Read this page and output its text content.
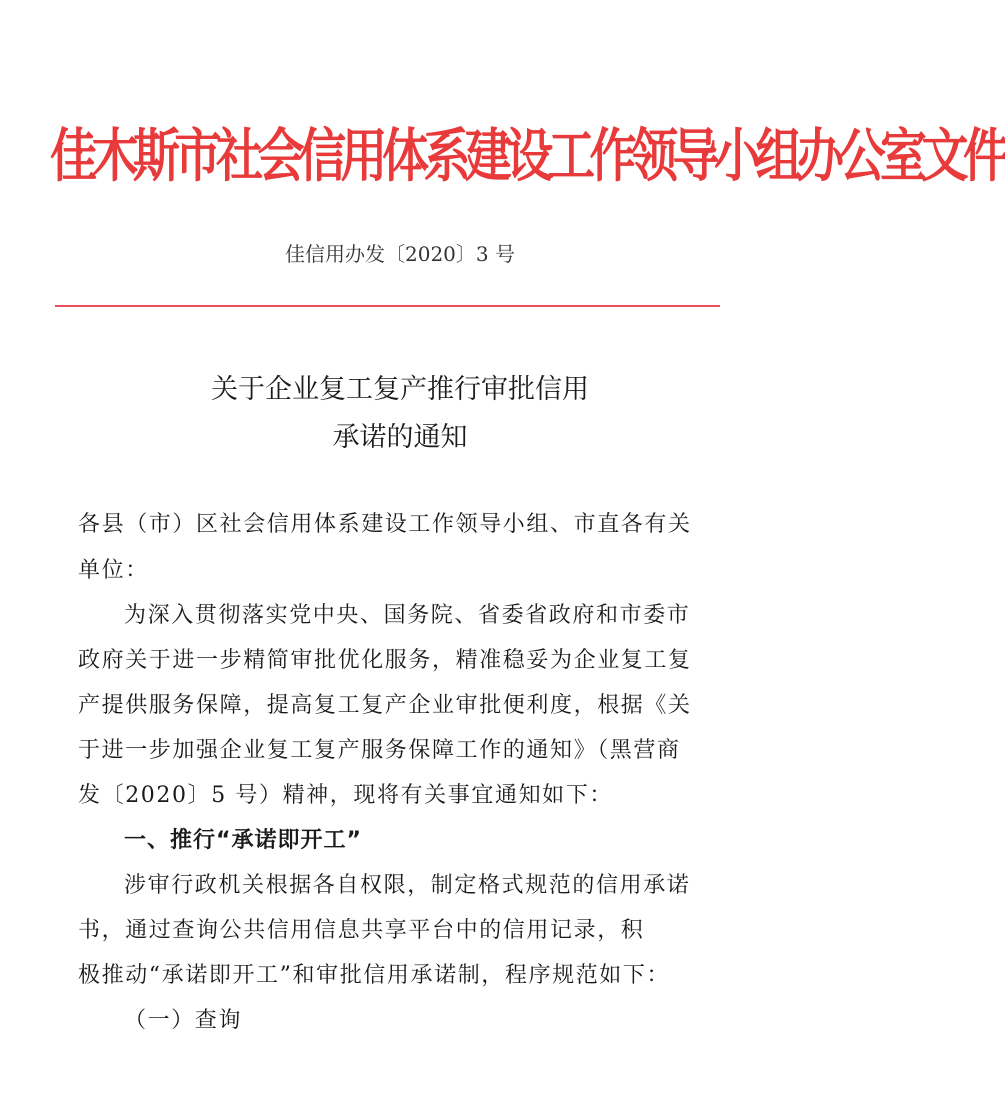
佳木斯市社会信用体系建设工作领导小组办公室文件
佳信用办发〔2020〕3 号
关于企业复工复产推行审批信用
承诺的通知
各县（市）区社会信用体系建设工作领导小组、市直各有关
单位：
为深入贯彻落实党中央、国务院、省委省政府和市委市
政府关于进一步精简审批优化服务，精准稳妥为企业复工复
产提供服务保障，提高复工复产企业审批便利度，根据《关
于进一步加强企业复工复产服务保障工作的通知》（黑营商
发〔2020〕5 号）精神，现将有关事宜通知如下：
一、推行“承诺即开工”
涉审行政机关根据各自权限，制定格式规范的信用承诺
书，通过查询公共信用信息共享平台中的信用记录，积
极推动“承诺即开工”和审批信用承诺制，程序规范如下：
（一）查询
